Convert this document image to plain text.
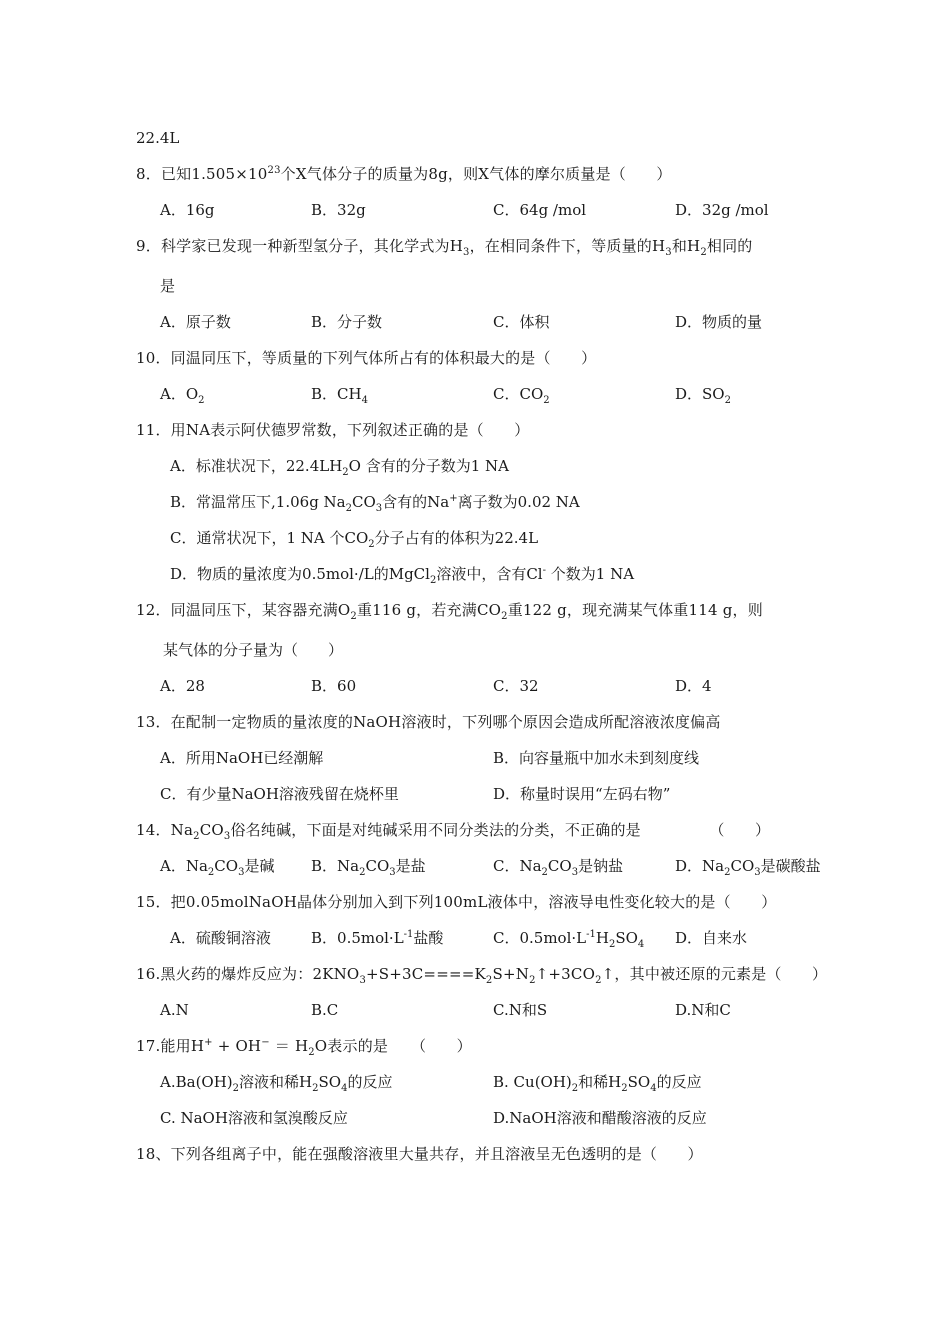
22.4L
8．已知$1.505\times 10^{23}$个X气体分子的质量为8g，则X气体的摩尔质量是（　　）
A．16g	B．32g	C．64g /mol	D．32g /mol
9．科学家已发现一种新型氢分子，其化学式为$H_3$，在相同条件下，等质量的$H_3$和$H_2$相同的
是
A．原子数	B．分子数	C．体积	D．物质的量
10．同温同压下，等质量的下列气体所占有的体积最大的是（　　）
A．$O_2$	B．$CH_4$	C．$CO_2$	D．$SO_2$
11．用NA表示阿伏德罗常数，下列叙述正确的是（　　）
A．标准状况下，$22.4LH_2O$ 含有的分子数为1 NA
B．常温常压下,1.06g $Na_2CO_3$含有的Na+离子数为0.02 NA
C．通常状况下，1 NA 个$CO_2$分子占有的体积为22.4L
D．物质的量浓度为0.5mol·/L的MgCl$_2$溶液中，含有Cl- 个数为1 NA
12．同温同压下，某容器充满$O_2$重116 g，若充满$CO_2$重122 g，现充满某气体重114 g，则
某气体的分子量为（　　）
A．28	B．60	C．32	D．4
13．在配制一定物质的量浓度的NaOH溶液时，下列哪个原因会造成所配溶液浓度偏高
A．所用NaOH已经潮解	B．向容量瓶中加水未到刻度线
C．有少量NaOH溶液残留在烧杯里	D．称量时误用“左码右物”
14．$Na_2CO_3$俗名纯碱，下面是对纯碱采用不同分类法的分类，不正确的是　　　　　（　　）
A．$Na_2CO_3$是碱 B．$Na_2CO_3$是盐	C．$Na_2CO_3$是钠盐	D．$Na_2CO_3$是碳酸盐
15．把0.05molNaOH晶体分别加入到下列100mL液体中，溶液导电性变化较大的是（　　）
A．硫酸铜溶液	B．$0.5mol\cdot L^{-1}$盐酸	C．$0.5mol\cdot L^{-1}H_2SO_4$ D．自来水
16.黑火药的爆炸反应为：$2KNO_3+S+3C====K_2S+N_2↑+3CO_2↑$，其中被还原的元素是（　　）
A.N	B.C	C.N和S	D.N和C
17.能用$H^+ + OH^- = H_2O$表示的是　　（　　）
$A.Ba(OH)_2$溶液和稀$H_2SO_4$的反应	B. $Cu(OH)_2$和稀$H_2SO_4$的反应
C. NaOH溶液和氢溴酸反应	D.NaOH溶液和醋酸溶液的反应
18、下列各组离子中，能在强酸溶液里大量共存，并且溶液呈无色透明的是（　　）
